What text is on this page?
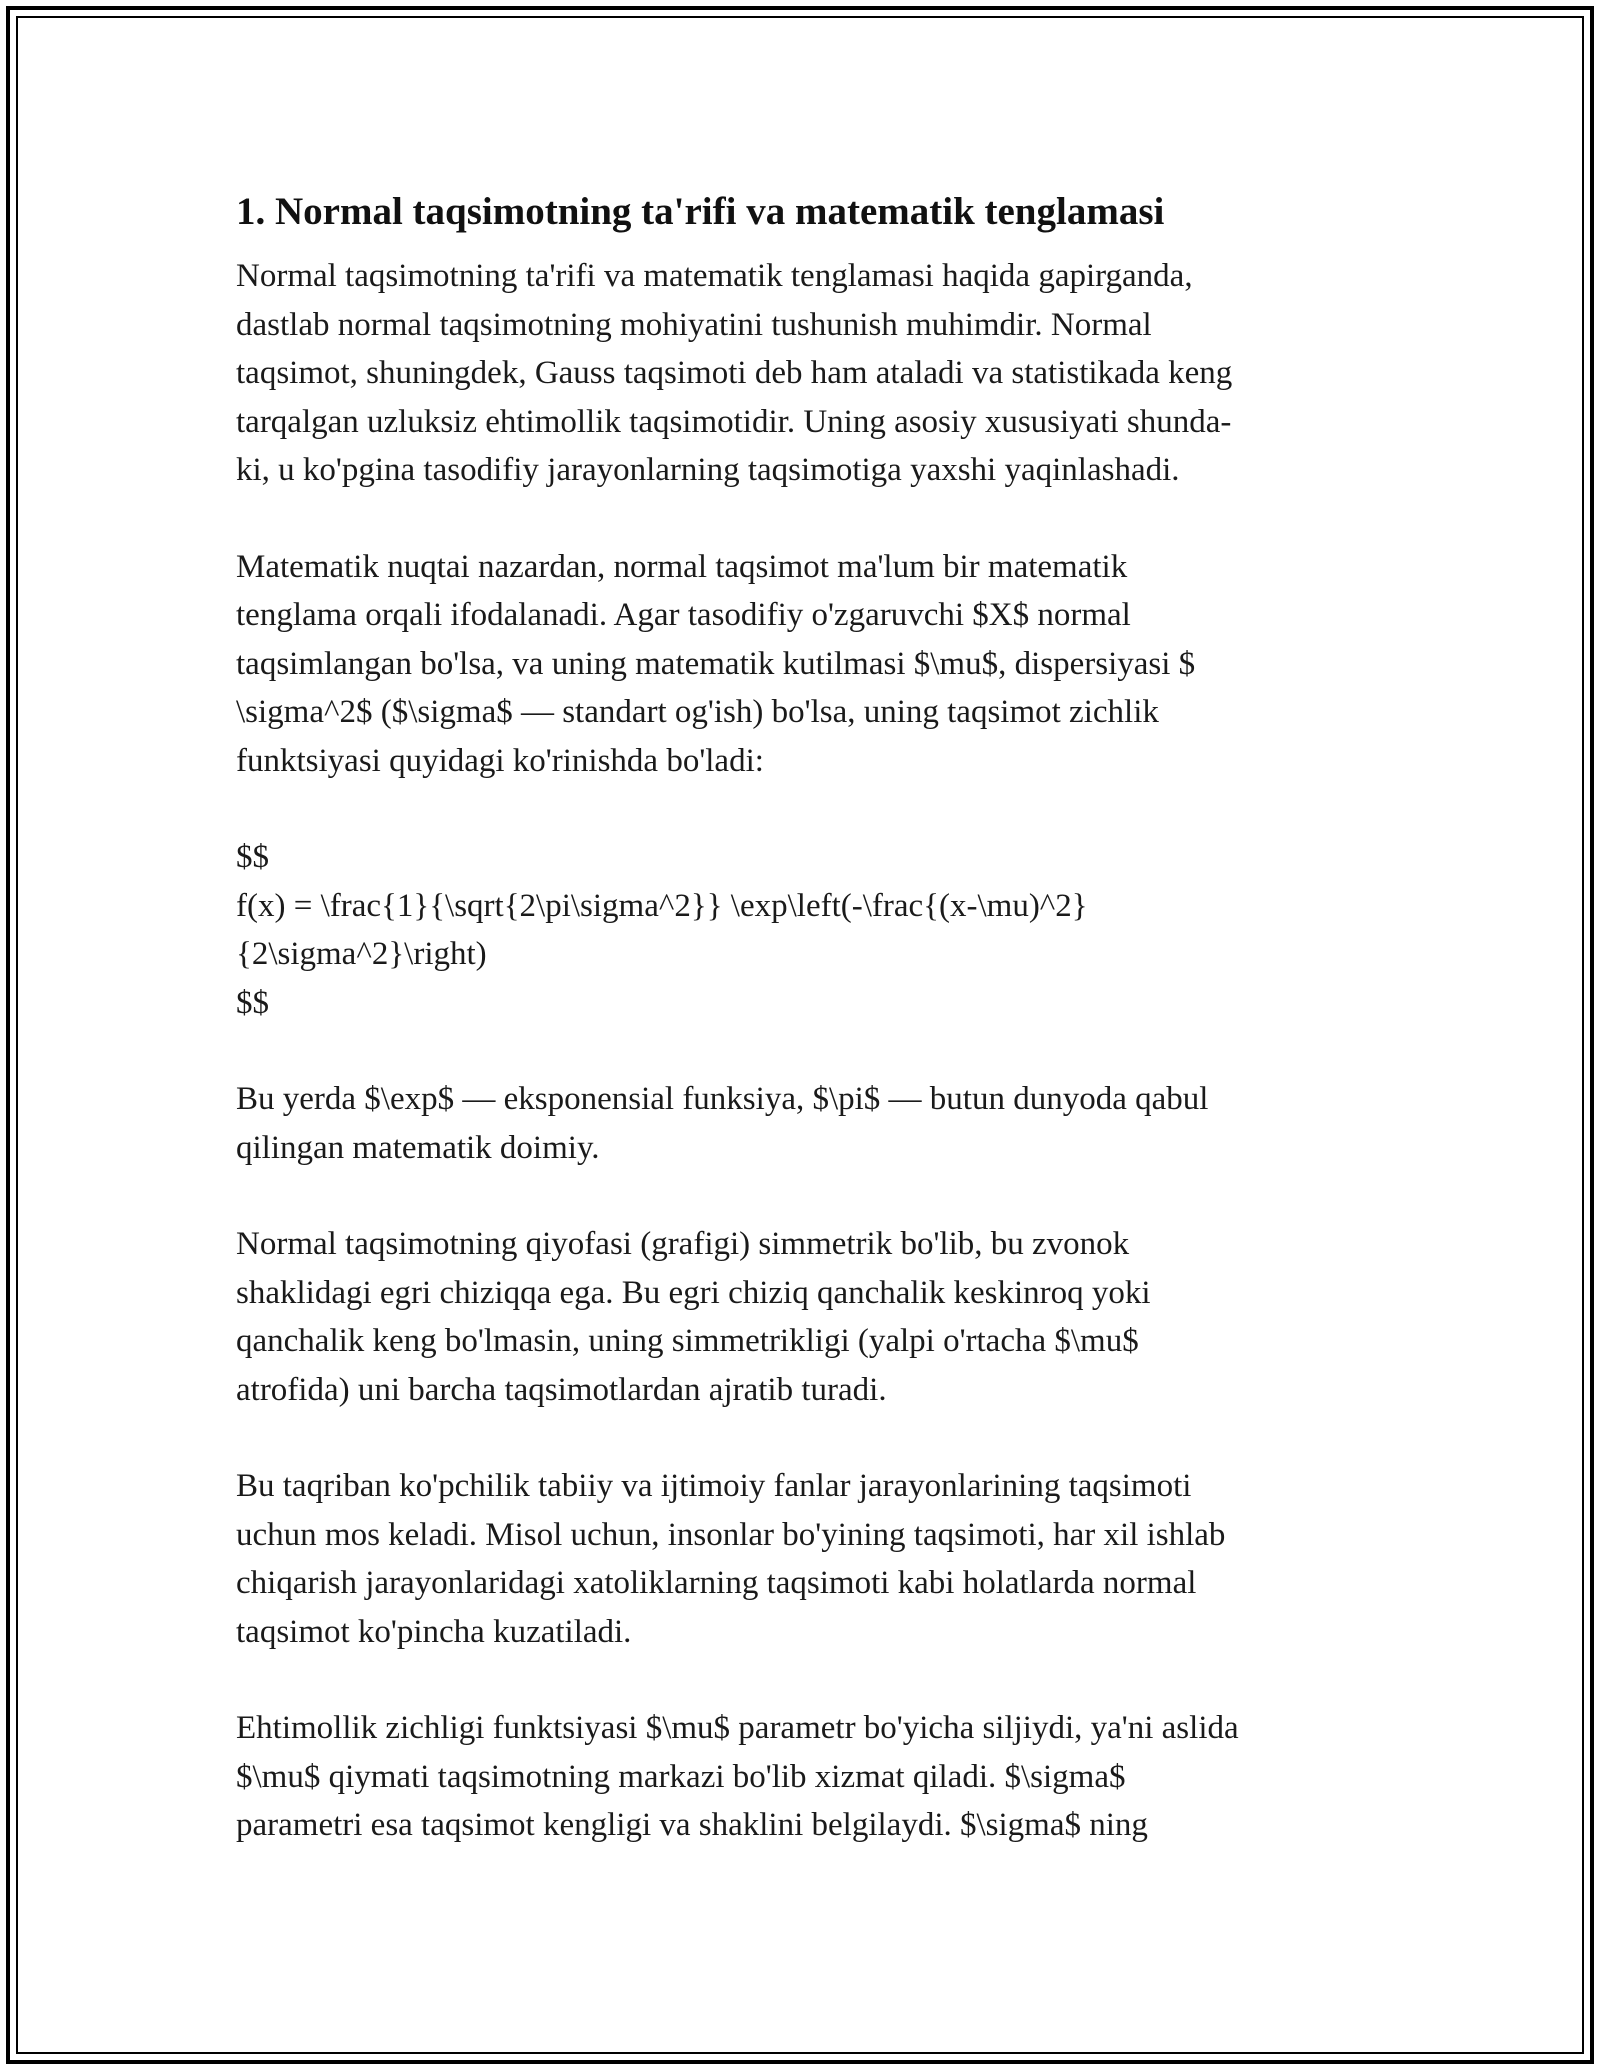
1. Normal taqsimotning ta'rifi va matematik tenglamasi
Normal taqsimotning ta'rifi va matematik tenglamasi haqida gapirganda,
dastlab normal taqsimotning mohiyatini tushunish muhimdir. Normal
taqsimot, shuningdek, Gauss taqsimoti deb ham ataladi va statistikada keng
tarqalgan uzluksiz ehtimollik taqsimotidir. Uning asosiy xususiyati shunda-
ki, u ko'pgina tasodifiy jarayonlarning taqsimotiga yaxshi yaqinlashadi.
Matematik nuqtai nazardan, normal taqsimot ma'lum bir matematik
tenglama orqali ifodalanadi. Agar tasodifiy o'zgaruvchi $X$ normal
taqsimlangan bo'lsa, va uning matematik kutilmasi $\mu$, dispersiyasi $
\sigma^2$ ($\sigma$ — standart og'ish) bo'lsa, uning taqsimot zichlik
funktsiyasi quyidagi ko'rinishda bo'ladi:
$$
f(x) = \frac{1}{\sqrt{2\pi\sigma^2}} \exp\left(-\frac{(x-\mu)^2}
{2\sigma^2}\right)
$$
Bu yerda $\exp$ — eksponensial funksiya, $\pi$ — butun dunyoda qabul
qilingan matematik doimiy.
Normal taqsimotning qiyofasi (grafigi) simmetrik bo'lib, bu zvonok
shaklidagi egri chiziqqa ega. Bu egri chiziq qanchalik keskinroq yoki
qanchalik keng bo'lmasin, uning simmetrikligi (yalpi o'rtacha $\mu$
atrofida) uni barcha taqsimotlardan ajratib turadi.
Bu taqriban ko'pchilik tabiiy va ijtimoiy fanlar jarayonlarining taqsimoti
uchun mos keladi. Misol uchun, insonlar bo'yining taqsimoti, har xil ishlab
chiqarish jarayonlaridagi xatoliklarning taqsimoti kabi holatlarda normal
taqsimot ko'pincha kuzatiladi.
Ehtimollik zichligi funktsiyasi $\mu$ parametr bo'yicha siljiydi, ya'ni aslida
$\mu$ qiymati taqsimotning markazi bo'lib xizmat qiladi. $\sigma$
parametri esa taqsimot kengligi va shaklini belgilaydi. $\sigma$ ning
